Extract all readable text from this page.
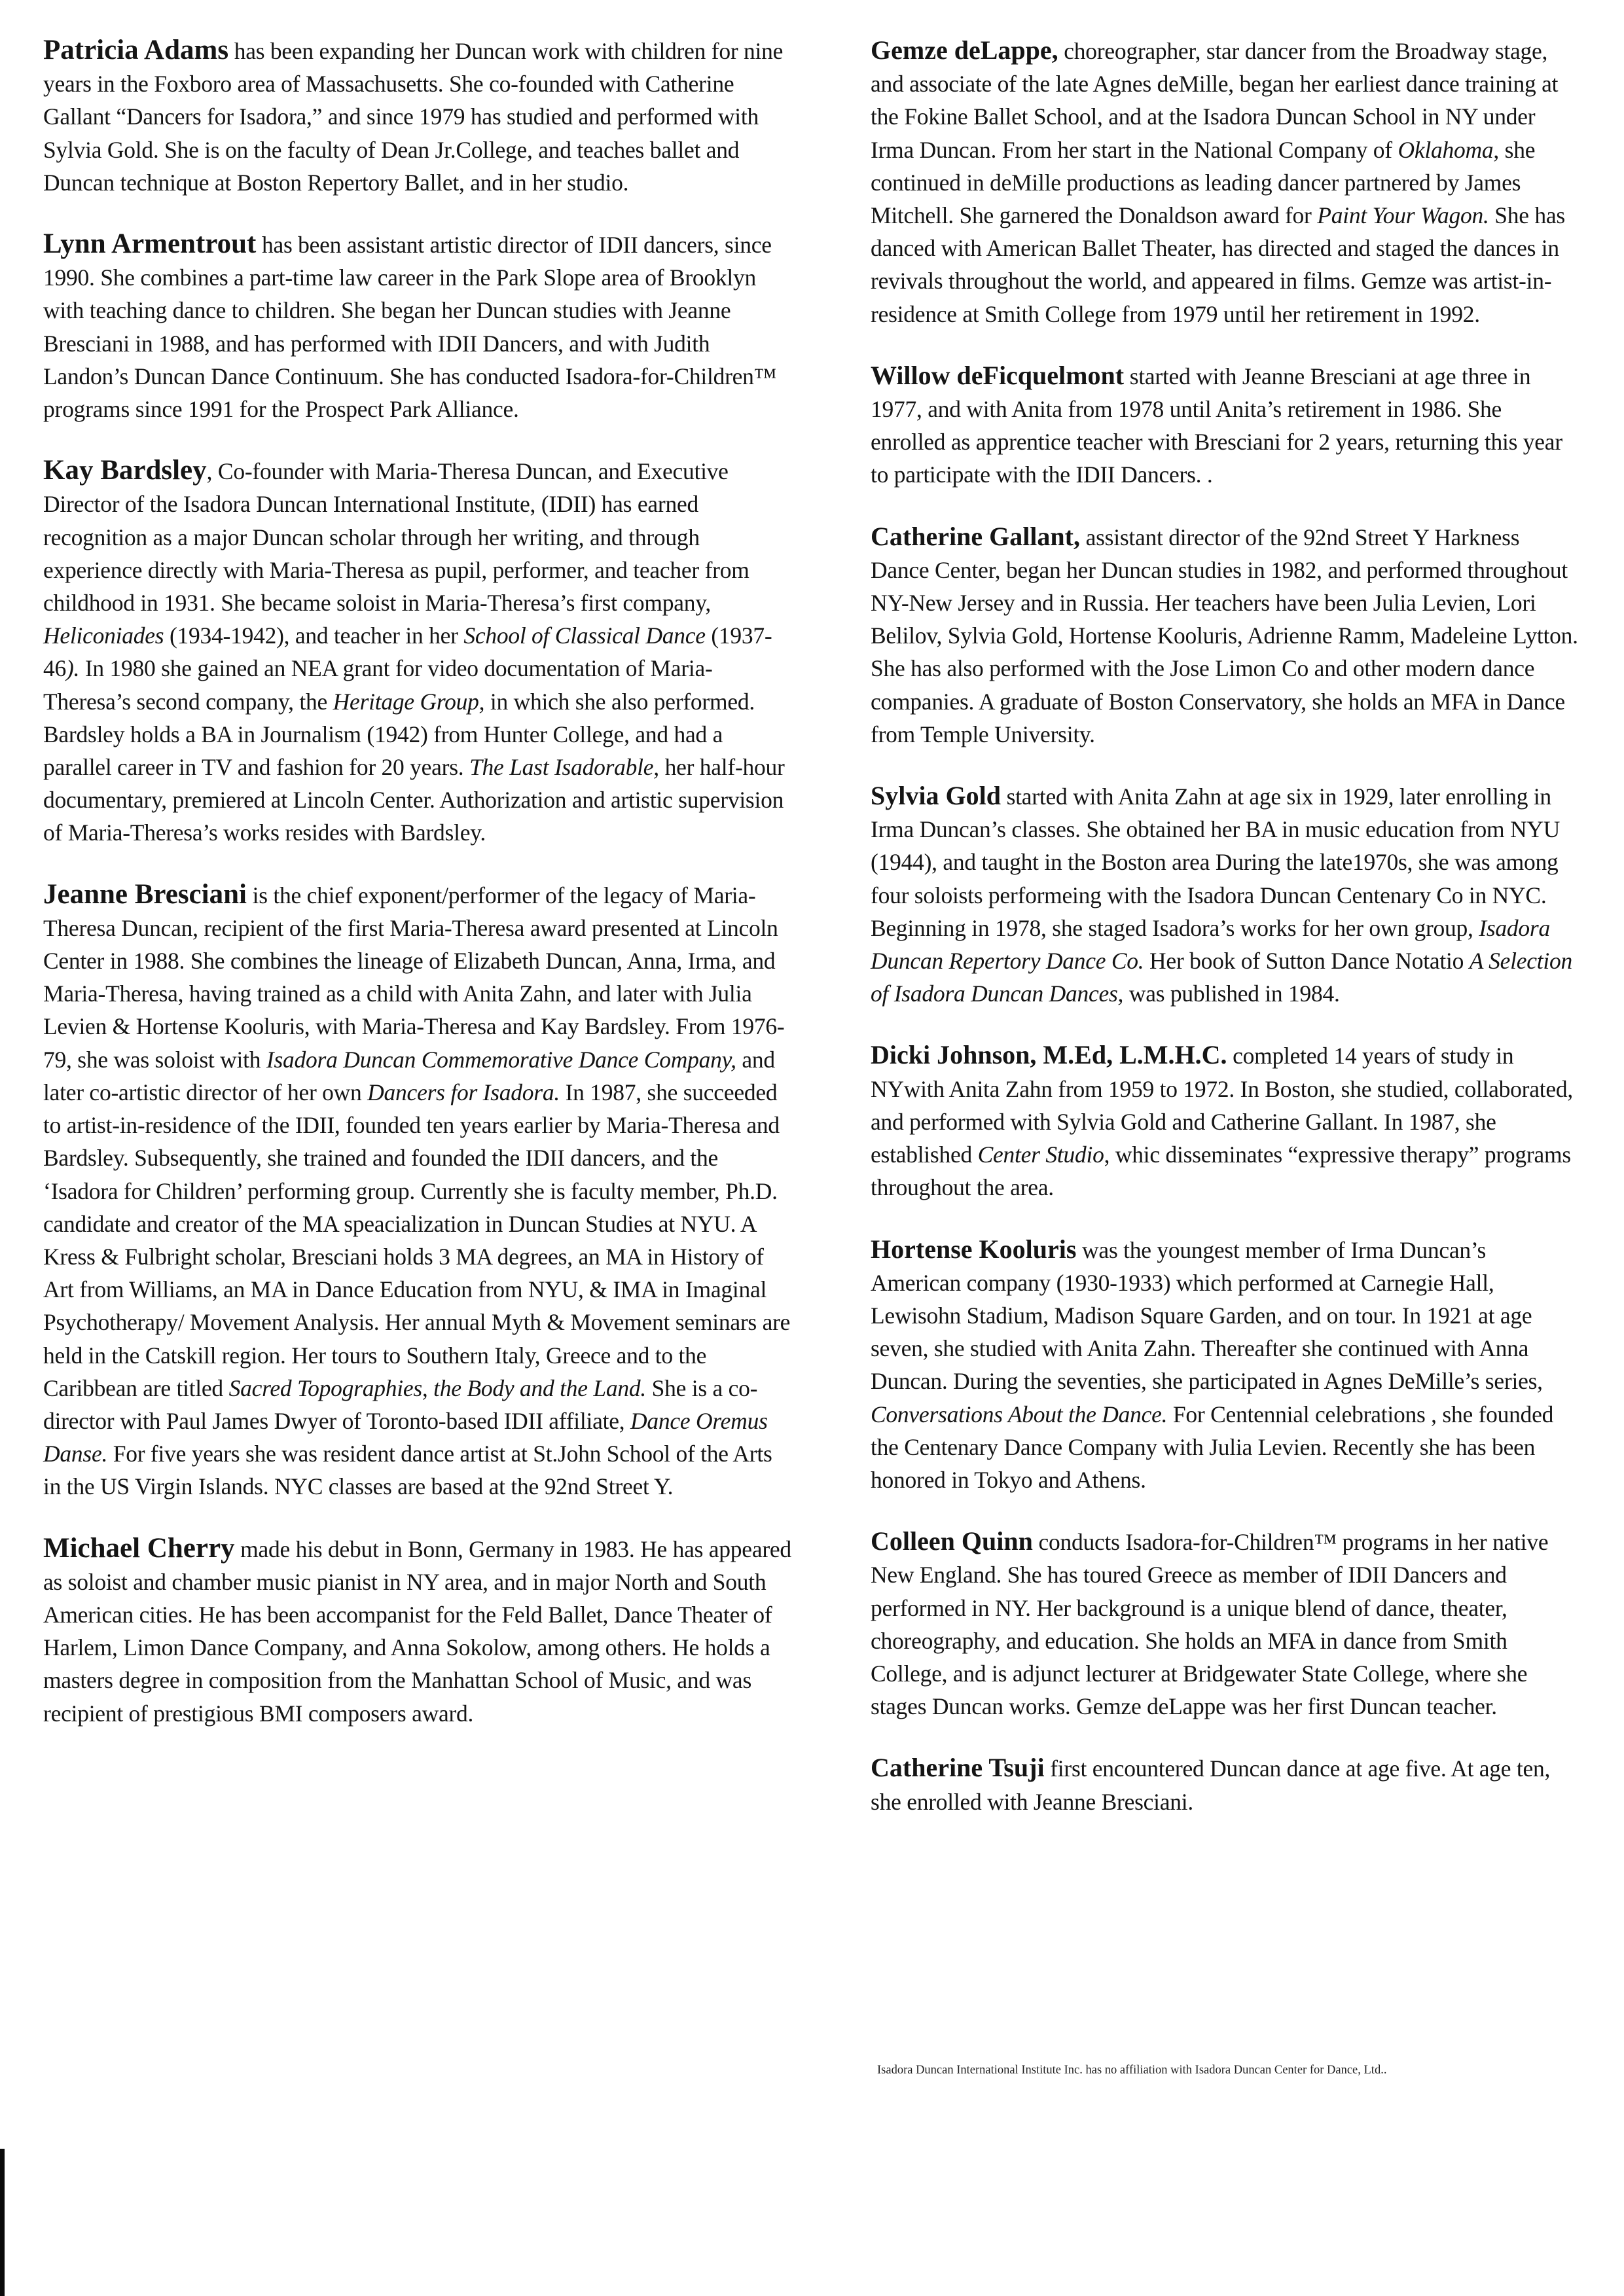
Patricia Adams has been expanding her Duncan work with children for nine years in the Foxboro area of Massachusetts. She co-founded with Catherine Gallant “Dancers for Isadora,” and since 1979 has studied and performed with Sylvia Gold. She is on the faculty of Dean Jr.College, and teaches ballet and Duncan technique at Boston Repertory Ballet, and in her studio.

Lynn Armentrout has been assistant artistic director of IDII dancers, since 1990. She combines a part-time law career in the Park Slope area of Brooklyn with teaching dance to children. She began her Duncan studies with Jeanne Bresciani in 1988, and has performed with IDII Dancers, and with Judith Landon’s Duncan Dance Continuum. She has conducted Isadora-for-Children™ programs since 1991 for the Prospect Park Alliance.

Kay Bardsley, Co-founder with Maria-Theresa Duncan, and Executive Director of the Isadora Duncan International Institute, (IDII) has earned recognition as a major Duncan scholar through her writing, and through experience directly with Maria-Theresa as pupil, performer, and teacher from childhood in 1931. She became soloist in Maria-Theresa’s first company, Heliconiades (1934-1942), and teacher in her School of Classical Dance (1937-46). In 1980 she gained an NEA grant for video documentation of Maria-Theresa’s second company, the Heritage Group, in which she also performed. Bardsley holds a BA in Journalism (1942) from Hunter College, and had a parallel career in TV and fashion for 20 years. The Last Isadorable, her half-hour documentary, premiered at Lincoln Center. Authorization and artistic supervision of Maria-Theresa’s works resides with Bardsley.

Jeanne Bresciani is the chief exponent/performer of the legacy of Maria-Theresa Duncan, recipient of the first Maria-Theresa award presented at Lincoln Center in 1988. She combines the lineage of Elizabeth Duncan, Anna, Irma, and Maria-Theresa, having trained as a child with Anita Zahn, and later with Julia Levien & Hortense Kooluris, with Maria-Theresa and Kay Bardsley. From 1976-79, she was soloist with Isadora Duncan Commemorative Dance Company, and later co-artistic director of her own Dancers for Isadora. In 1987, she succeeded to artist-in-residence of the IDII, founded ten years earlier by Maria-Theresa and Bardsley. Subsequently, she trained and founded the IDII dancers, and the ‘Isadora for Children’ performing group. Currently she is faculty member, Ph.D. candidate and creator of the MA speacialization in Duncan Studies at NYU. A Kress & Fulbright scholar, Bresciani holds 3 MA degrees, an MA in History of Art from Williams, an MA in Dance Education from NYU, & IMA in Imaginal Psychotherapy/ Movement Analysis. Her annual Myth & Movement seminars are held in the Catskill region. Her tours to Southern Italy, Greece and to the Caribbean are titled Sacred Topographies, the Body and the Land. She is a co-director with Paul James Dwyer of Toronto-based IDII affiliate, Dance Oremus Danse. For five years she was resident dance artist at St.John School of the Arts in the US Virgin Islands. NYC classes are based at the 92nd Street Y.

Michael Cherry made his debut in Bonn, Germany in 1983. He has appeared as soloist and chamber music pianist in NY area, and in major North and South American cities. He has been accompanist for the Feld Ballet, Dance Theater of Harlem, Limon Dance Company, and Anna Sokolow, among others. He holds a masters degree in composition from the Manhattan School of Music, and was recipient of prestigious BMI composers award.

Gemze deLappe, choreographer, star dancer from the Broadway stage, and associate of the late Agnes deMille, began her earliest dance training at the Fokine Ballet School, and at the Isadora Duncan School in NY under Irma Duncan. From her start in the National Company of Oklahoma, she continued in deMille productions as leading dancer partnered by James Mitchell. She garnered the Donaldson award for Paint Your Wagon. She has danced with American Ballet Theater, has directed and staged the dances in revivals throughout the world, and appeared in films. Gemze was artist-in-residence at Smith College from 1979 until her retirement in 1992.

Willow deFicquelmont started with Jeanne Bresciani at age three in 1977, and with Anita from 1978 until Anita’s retirement in 1986. She enrolled as apprentice teacher with Bresciani for 2 years, returning this year to participate with the IDII Dancers. .

Catherine Gallant, assistant director of the 92nd Street Y Harkness Dance Center, began her Duncan studies in 1982, and performed throughout NY-New Jersey and in Russia. Her teachers have been Julia Levien, Lori Belilov, Sylvia Gold, Hortense Kooluris, Adrienne Ramm, Madeleine Lytton. She has also performed with the Jose Limon Co and other modern dance companies. A graduate of Boston Conservatory, she holds an MFA in Dance from Temple University.

Sylvia Gold started with Anita Zahn at age six in 1929, later enrolling in Irma Duncan’s classes. She obtained her BA in music education from NYU (1944), and taught in the Boston area During the late1970s, she was among four soloists performeing with the Isadora Duncan Centenary Co in NYC. Beginning in 1978, she staged Isadora’s works for her own group, Isadora Duncan Repertory Dance Co. Her book of Sutton Dance Notatio A Selection of Isadora Duncan Dances, was published in 1984.

Dicki Johnson, M.Ed, L.M.H.C. completed 14 years of study in NYwith Anita Zahn from 1959 to 1972. In Boston, she studied, collaborated, and performed with Sylvia Gold and Catherine Gallant. In 1987, she established Center Studio, whic disseminates “expressive therapy” programs throughout the area.

Hortense Kooluris was the youngest member of Irma Duncan’s American company (1930-1933) which performed at Carnegie Hall, Lewisohn Stadium, Madison Square Garden, and on tour. In 1921 at age seven, she studied with Anita Zahn. Thereafter she continued with Anna Duncan. During the seventies, she participated in Agnes DeMille’s series, Conversations About the Dance. For Centennial celebrations , she founded the Centenary Dance Company with Julia Levien. Recently she has been honored in Tokyo and Athens.

Colleen Quinn conducts Isadora-for-Children™ programs in her native New England. She has toured Greece as member of IDII Dancers and performed in NY. Her background is a unique blend of dance, theater, choreography, and education. She holds an MFA in dance from Smith College, and is adjunct lecturer at Bridgewater State College, where she stages Duncan works. Gemze deLappe was her first Duncan teacher.

Catherine Tsuji first encountered Duncan dance at age five. At age ten, she enrolled with Jeanne Bresciani.

Isadora Duncan International Institute Inc. has no affiliation with Isadora Duncan Center for Dance, Ltd..
